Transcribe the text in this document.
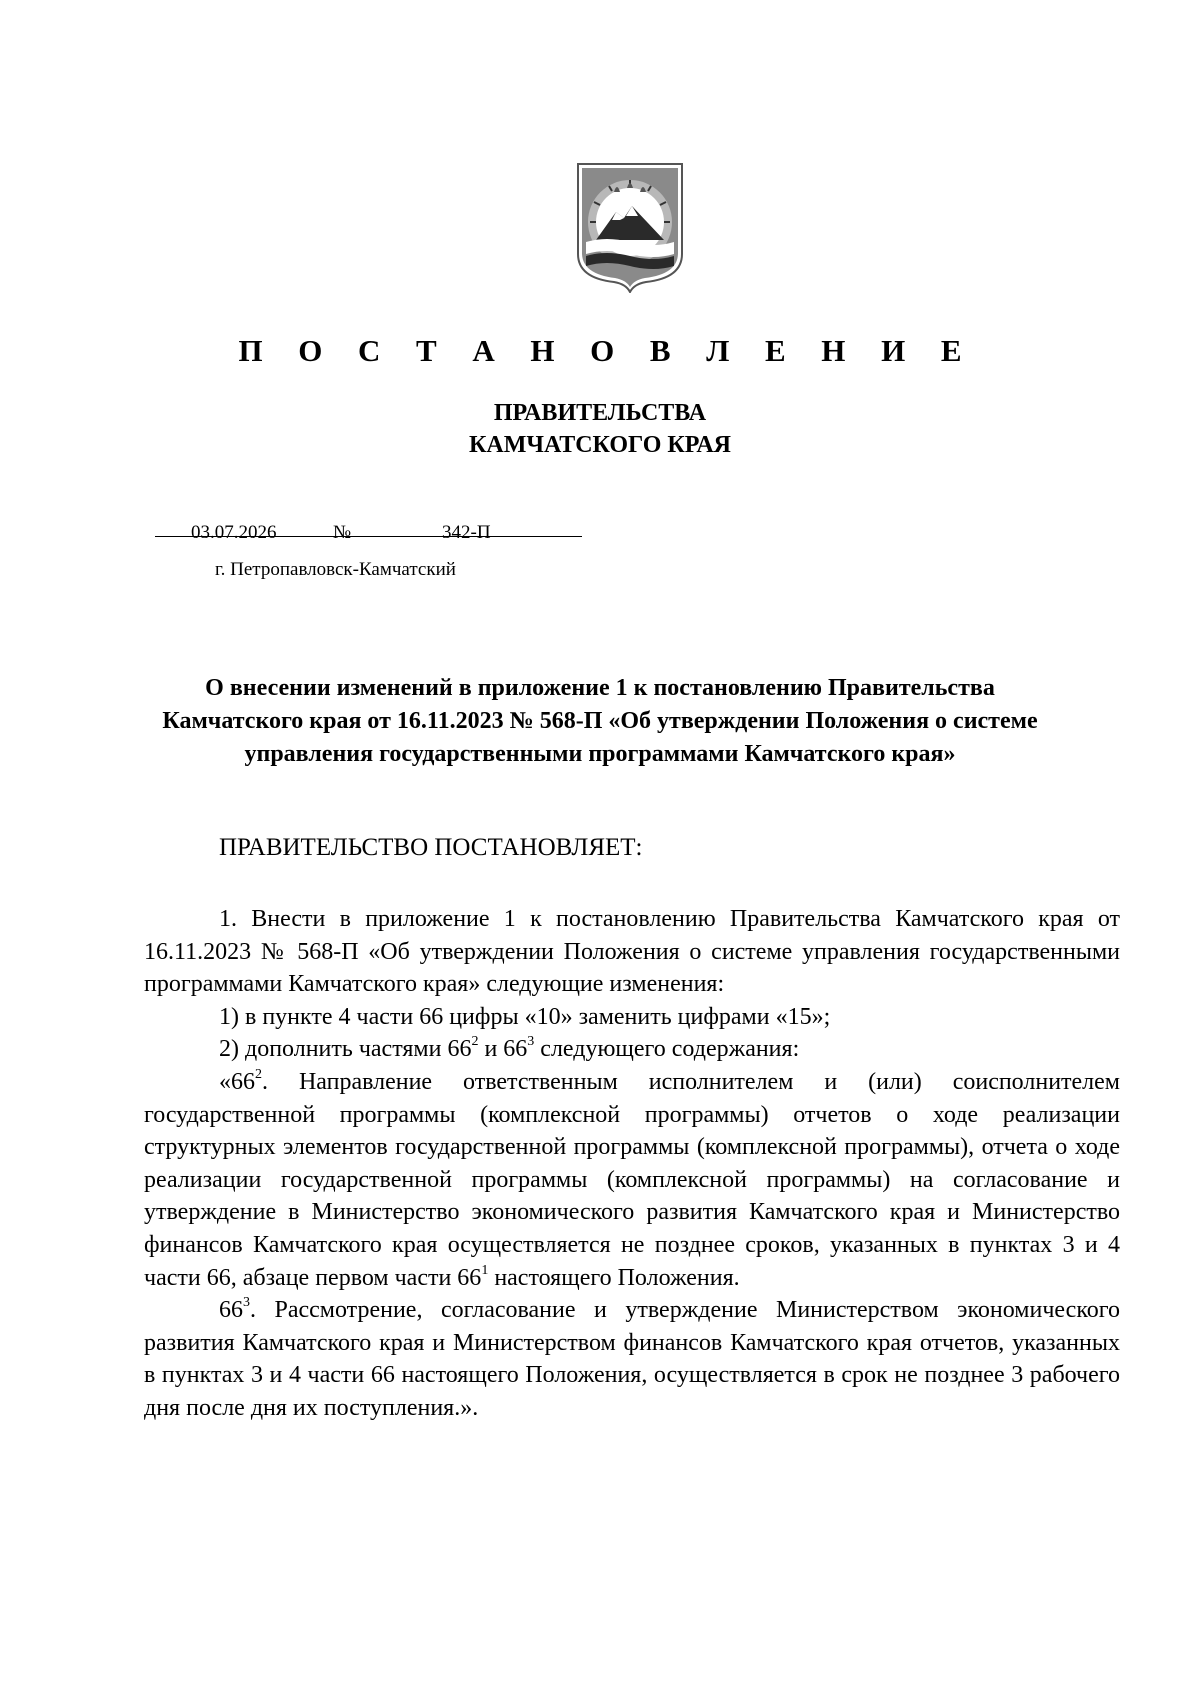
П О С Т А Н О В Л Е Н И Е
ПРАВИТЕЛЬСТВА
КАМЧАТСКОГО КРАЯ
03.07.2026	№	342-П
г. Петропавловск-Камчатский
О внесении изменений в приложение 1 к постановлению Правительства Камчатского края от 16.11.2023 № 568-П «Об утверждении Положения о системе управления государственными программами Камчатского края»
ПРАВИТЕЛЬСТВО ПОСТАНОВЛЯЕТ:

1. Внести в приложение 1 к постановлению Правительства Камчатского края от 16.11.2023 № 568-П «Об утверждении Положения о системе управления государственными программами Камчатского края» следующие изменения:

1) в пункте 4 части 66 цифры «10» заменить цифрами «15»;

2) дополнить частями $66^2$ и $66^3$ следующего содержания:

«$66^2$. Направление ответственным исполнителем и (или) соисполнителем государственной программы (комплексной программы) отчетов о ходе реализации структурных элементов государственной программы (комплексной программы), отчета о ходе реализации государственной программы (комплексной программы) на согласование и утверждение в Министерство экономического развития Камчатского края и Министерство финансов Камчатского края осуществляется не позднее сроков, указанных в пунктах 3 и 4 части 66, абзаце первом части $66^1$ настоящего Положения.

$66^3$. Рассмотрение, согласование и утверждение Министерством экономического развития Камчатского края и Министерством финансов Камчатского края отчетов, указанных в пунктах 3 и 4 части 66 настоящего Положения, осуществляется в срок не позднее 3 рабочего дня после дня их поступления.».
